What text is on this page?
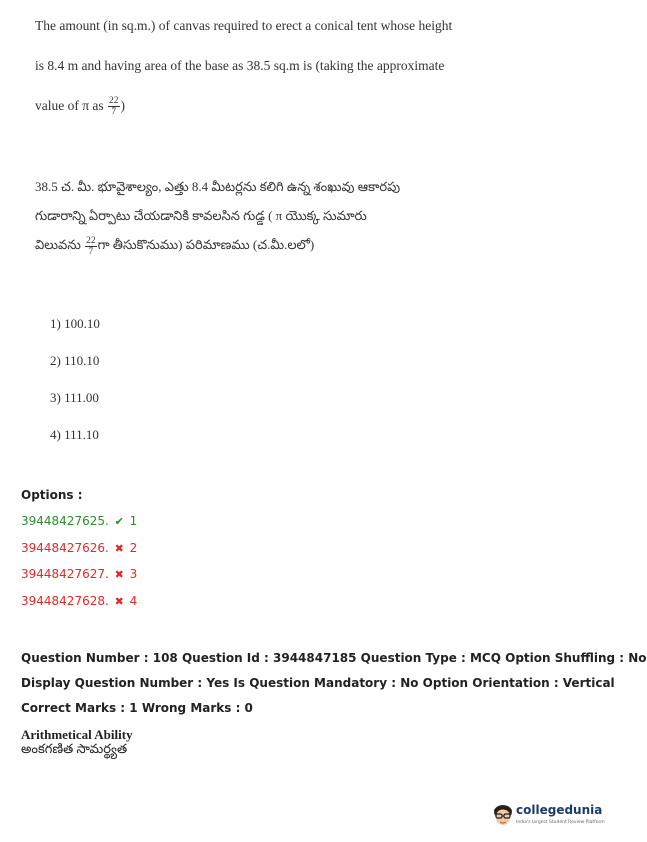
The amount (in sq.m.) of canvas required to erect a conical tent whose height
is 8.4 m and having area of the base as 38.5 sq.m is (taking the approximate
value of π as $\frac{22}{7}$ )

38.5 చ. మీ. భూవైశాల్యం, ఎత్తు 8.4 మీటర్లను కలిగి ఉన్న శంఖువు ఆకారపు

గుడారాన్ని ఏర్పాటు చేయడానికి కావలసిన గుడ్డ ( π యొక్క సుమారు

విలువను $\frac{22}{7}$ గా తీసుకొనుము) పరిమాణము (చ.మీ.లలో)

1) 100.10
2) 110.10
3) 111.00
4) 111.10
Options :
39448427625. ✔ 1
39448427626. ✖ 2
39448427627. ✖ 3
39448427628. ✖ 4
Question Number : 108 Question Id : 3944847185 Question Type : MCQ Option Shuffling : No
Display Question Number : Yes Is Question Mandatory : No Option Orientation : Vertical
Correct Marks : 1 Wrong Marks : 0
Arithmetical Ability
అంకగణిత సామర్థ్యత
collegedunia
India's largest Student Review Platform
